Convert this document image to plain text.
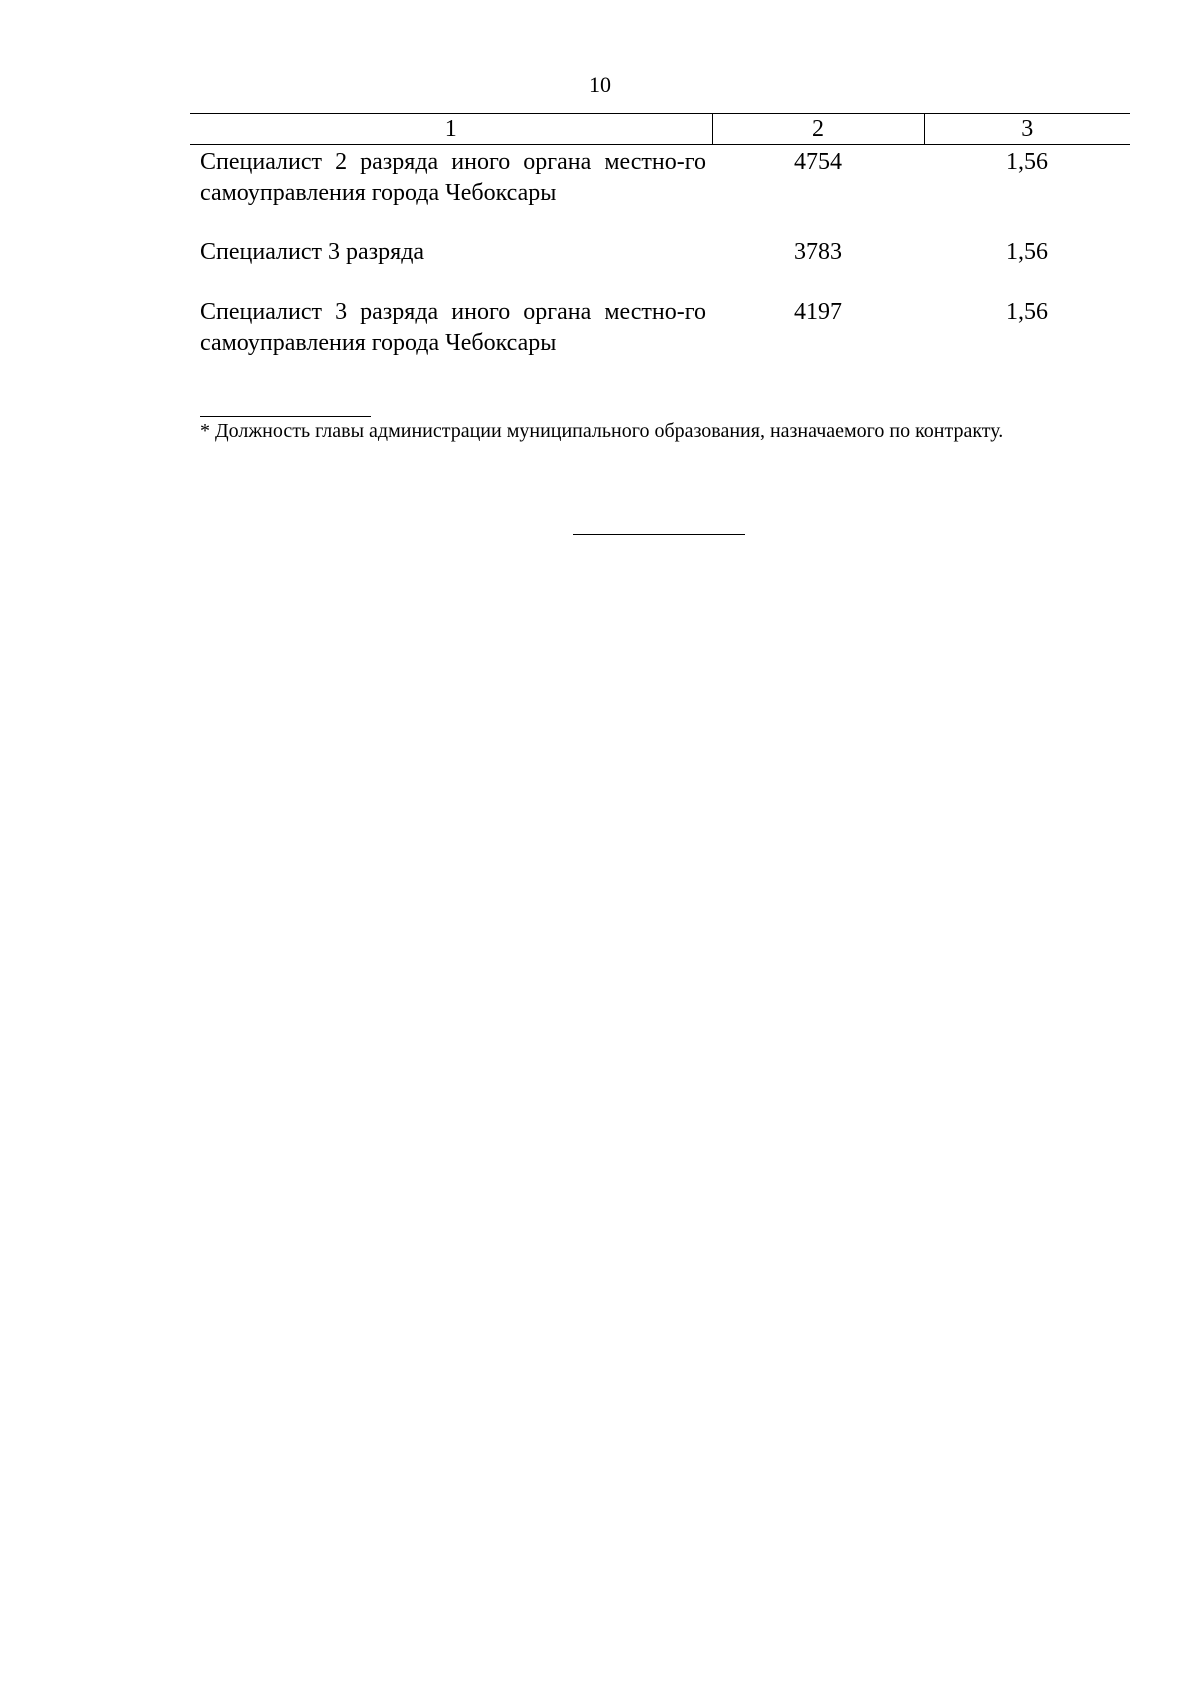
10
1	2	3
Специалист 2 разряда иного органа местно-го самоуправления города Чебоксары	4754	1,56
Специалист 3 разряда	3783	1,56
Специалист 3 разряда иного органа местно-го самоуправления города Чебоксары	4197	1,56
* Должность главы администрации муниципального образования, назначаемого по контракту.
